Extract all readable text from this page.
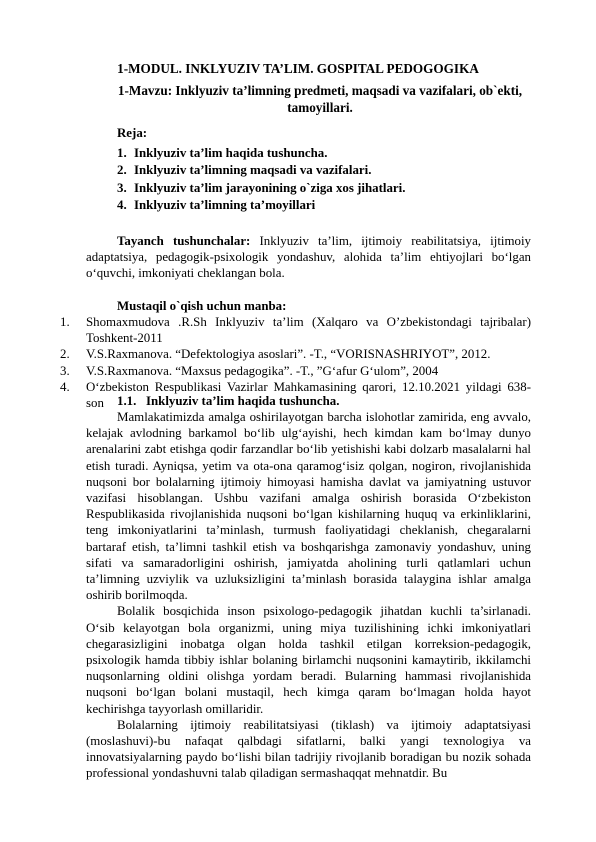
1-MODUL. INKLYUZIV TA’LIM. GOSPITAL PEDOGOGIKA
1-Mavzu: Inklyuziv ta’limning predmeti, maqsadi va vazifalari, ob`ekti, tamoyillari.
Reja:
1. Inklyuziv ta’lim haqida tushuncha.
2. Inklyuziv ta’limning maqsadi va vazifalari.
3. Inklyuziv ta’lim jarayonining o`ziga xos jihatlari.
4. Inklyuziv ta’limning ta’moyillari
Tayanch tushunchalar: Inklyuziv ta’lim, ijtimoiy reabilitatsiya, ijtimoiy adaptatsiya, pedagogik-psixologik yondashuv, alohida ta’lim ehtiyojlari bo‘lgan o‘quvchi, imkoniyati cheklangan bola.
Mustaqil o`qish uchun manba:
1. Shomaxmudova .R.Sh Inklyuziv ta’lim (Xalqaro va O’zbekistondagi tajribalar) Toshkent-2011
2. V.S.Raxmanova. “Defektologiya asoslari”. -T., “VORISNASHRIYOT”, 2012.
3. V.S.Raxmanova. “Maxsus pedagogika”. -T., ”G‘afur G‘ulom”, 2004
4. O‘zbekiston Respublikasi Vazirlar Mahkamasining qarori, 12.10.2021 yildagi 638-son	1.1. Inklyuziv ta’lim haqida tushuncha.

Mamlakatimizda amalga oshirilayotgan barcha islohotlar zamirida, eng avvalo, kelajak avlodning barkamol bo‘lib ulg‘ayishi, hech kimdan kam bo‘lmay dunyo arenalarini zabt etishga qodir farzandlar bo‘lib yetishishi kabi dolzarb masalalarni hal etish turadi. Ayniqsa, yetim va ota-ona qaramog‘isiz qolgan, nogiron, rivojlanishida nuqsoni bor bolalarning ijtimoiy himoyasi hamisha davlat va jamiyatning ustuvor vazifasi hisoblangan. Ushbu vazifani amalga oshirish borasida O‘zbekiston Respublikasida rivojlanishida nuqsoni bo‘lgan kishilarning huquq va erkinliklarini, teng imkoniyatlarini ta’minlash, turmush faoliyatidagi cheklanish, chegaralarni bartaraf etish, ta’limni tashkil etish va boshqarishga zamonaviy yondashuv, uning sifati va samaradorligini oshirish, jamiyatda aholining turli qatlamlari uchun ta’limning uzviylik va uzluksizligini ta’minlash borasida talaygina ishlar amalga oshirib borilmoqda.

Bolalik bosqichida inson psixologo-pedagogik jihatdan kuchli ta’sirlanadi. O‘sib kelayotgan bola organizmi, uning miya tuzilishining ichki imkoniyatlari chegarasizligini inobatga olgan holda tashkil etilgan korreksion-pedagogik, psixologik hamda tibbiy ishlar bolaning birlamchi nuqsonini kamaytirib, ikkilamchi nuqsonlarning oldini olishga yordam beradi. Bularning hammasi rivojlanishida nuqsoni bo‘lgan bolani mustaqil, hech kimga qaram bo‘lmagan holda hayot kechirishga tayyorlash omillaridir.

Bolalarning ijtimoiy reabilitatsiyasi (tiklash) va ijtimoiy adaptatsiyasi (moslashuvi)-bu nafaqat qalbdagi sifatlarni, balki yangi texnologiya va innovatsiyalarning paydo bo‘lishi bilan tadrijiy rivojlanib boradigan bu nozik sohada professional yondashuvni talab qiladigan sermashaqqat mehnatdir. Bu
